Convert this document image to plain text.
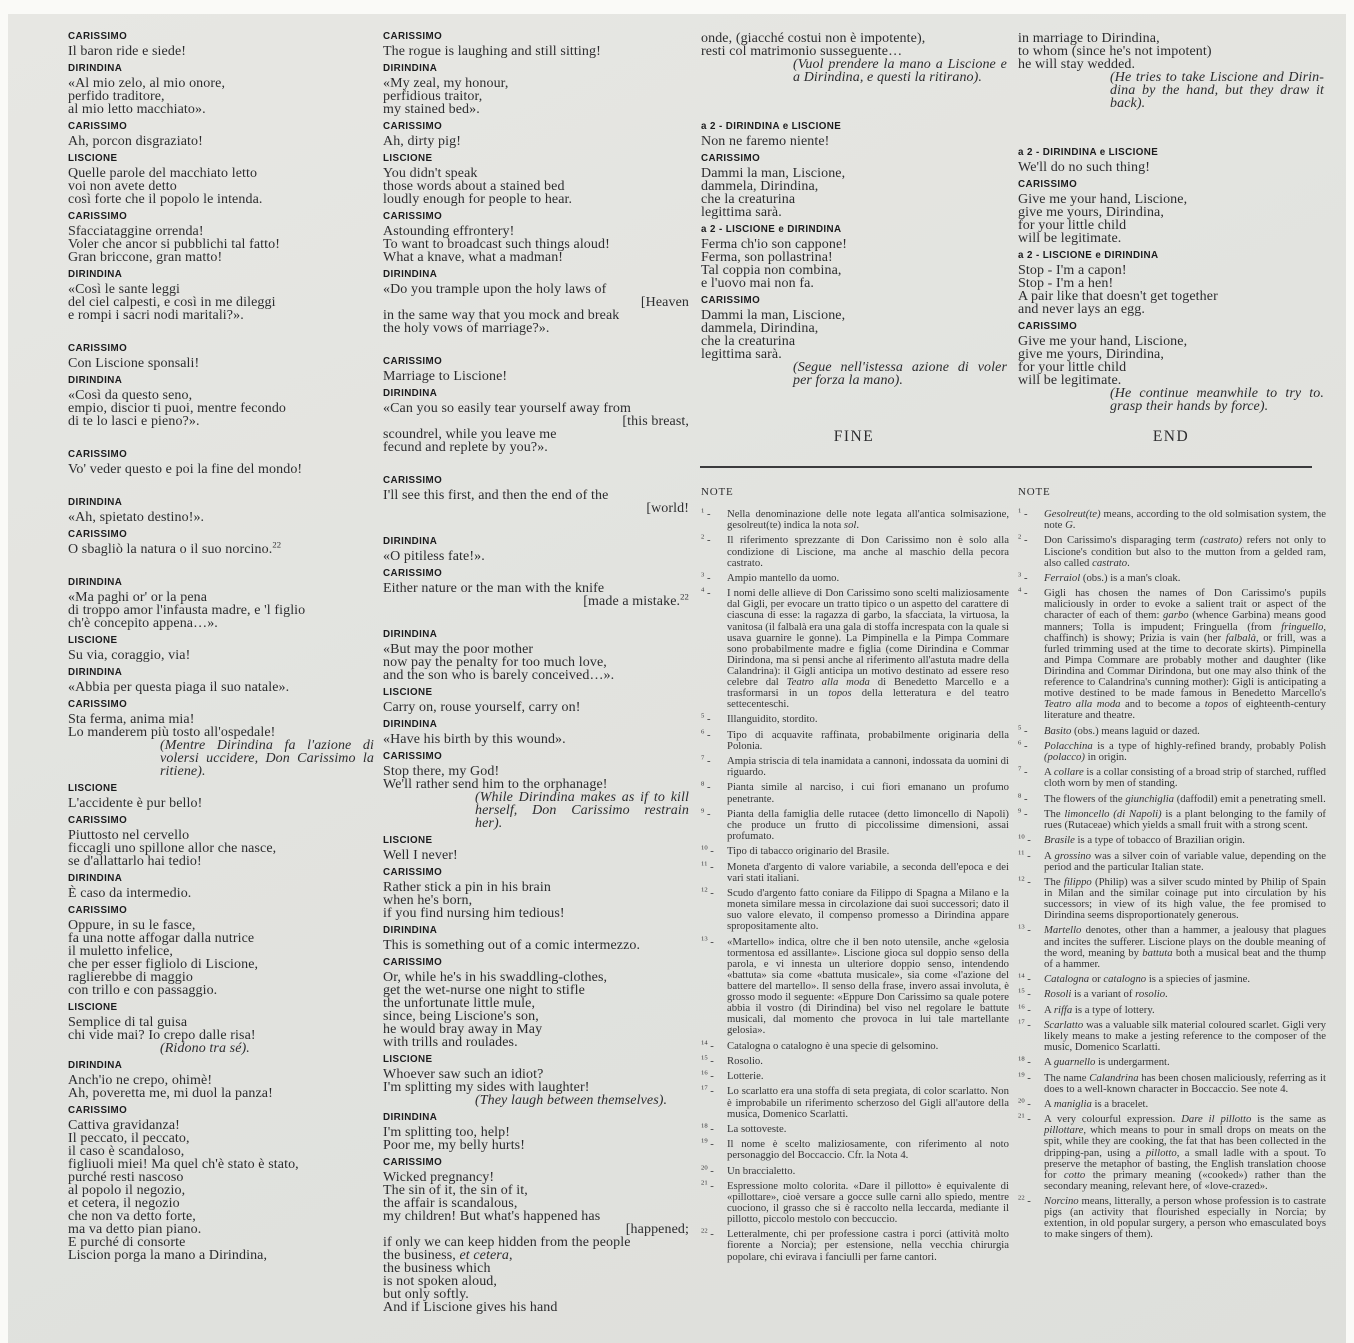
CARISSIMO
Il baron ride e siede!
DIRINDINA
«Al mio zelo, al mio onore,
perfido traditore,
al mio letto macchiato».
CARISSIMO
Ah, porcon disgraziato!
LISCIONE
Quelle parole del macchiato letto
voi non avete detto
così forte che il popolo le intenda.
CARISSIMO
Sfacciataggine orrenda!
Voler che ancor si pubblichi tal fatto!
Gran briccone, gran matto!
DIRINDINA
«Così le sante leggi
del ciel calpesti, e così in me dileggi
e rompi i sacri nodi maritali?».
CARISSIMO
Con Liscione sponsali!
DIRINDINA
«Così da questo seno,
empio, discior ti puoi, mentre fecondo
di te lo lasci e pieno?».
CARISSIMO
Vo' veder questo e poi la fine del mondo!
DIRINDINA
«Ah, spietato destino!».
CARISSIMO
O sbagliò la natura o il suo norcino.$^{22}$
DIRINDINA
«Ma paghi or' or la pena
di troppo amor l'infausta madre, e 'l figlio
ch'è concepito appena…».
LISCIONE
Su via, coraggio, via!
DIRINDINA
«Abbia per questa piaga il suo natale».
CARISSIMO
Sta ferma, anima mia!
Lo manderem più tosto all'ospedale!
(Mentre Dirindina fa l'azione di
volersi uccidere, Don Carissimo la
ritiene).
LISCIONE
L'accidente è pur bello!
CARISSIMO
Piuttosto nel cervello
ficcagli uno spillone allor che nasce,
se d'allattarlo hai tedio!
DIRINDINA
È caso da intermedio.
CARISSIMO
Oppure, in su le fasce,
fa una notte affogar dalla nutrice
il muletto infelice,
che per esser figliolo di Liscione,
raglierebbe di maggio
con trillo e con passaggio.
LISCIONE
Semplice di tal guisa
chi vide mai? Io crepo dalle risa!
(Ridono tra sé).
DIRINDINA
Anch'io ne crepo, ohimè!
Ah, poveretta me, mi duol la panza!
CARISSIMO
Cattiva gravidanza!
Il peccato, il peccato,
il caso è scandaloso,
figliuoli miei! Ma quel ch'è stato è stato,
purché resti nascoso
al popolo il negozio,
et cetera, il negozio
che non va detto forte,
ma va detto pian piano.
E purché di consorte
Liscion porga la mano a Dirindina,
CARISSIMO
The rogue is laughing and still sitting!
DIRINDINA
«My zeal, my honour,
perfidious traitor,
my stained bed».
CARISSIMO
Ah, dirty pig!
LISCIONE
You didn't speak
those words about a stained bed
loudly enough for people to hear.
CARISSIMO
Astounding effrontery!
To want to broadcast such things aloud!
What a knave, what a madman!
DIRINDINA
«Do you trample upon the holy laws of
[Heaven
in the same way that you mock and break
the holy vows of marriage?».
CARISSIMO
Marriage to Liscione!
DIRINDINA
«Can you so easily tear yourself away from
[this breast,
scoundrel, while you leave me
fecund and replete by you?».
CARISSIMO
I'll see this first, and then the end of the
[world!
DIRINDINA
«O pitiless fate!».
CARISSIMO
Either nature or the man with the knife
[made a mistake.$^{22}$
DIRINDINA
«But may the poor mother
now pay the penalty for too much love,
and the son who is barely conceived…».
LISCIONE
Carry on, rouse yourself, carry on!
DIRINDINA
«Have his birth by this wound».
CARISSIMO
Stop there, my God!
We'll rather send him to the orphanage!
(While Dirindina makes as if to kill
herself, Don Carissimo restrain
her).
LISCIONE
Well I never!
CARISSIMO
Rather stick a pin in his brain
when he's born,
if you find nursing him tedious!
DIRINDINA
This is something out of a comic intermezzo.
CARISSIMO
Or, while he's in his swaddling-clothes,
get the wet-nurse one night to stifle
the unfortunate little mule,
since, being Liscione's son,
he would bray away in May
with trills and roulades.
LISCIONE
Whoever saw such an idiot?
I'm splitting my sides with laughter!
(They laugh between themselves).
DIRINDINA
I'm splitting too, help!
Poor me, my belly hurts!
CARISSIMO
Wicked pregnancy!
The sin of it, the sin of it,
the affair is scandalous,
my children! But what's happened has
[happened;
if only we can keep hidden from the people
the business, et cetera,
the business which
is not spoken aloud,
but only softly.
And if Liscione gives his hand
onde, (giacché costui non è impotente),
resti col matrimonio susseguente…
(Vuol prendere la mano a Liscione e
a Dirindina, e questi la ritirano).
a 2 - DIRINDINA e LISCIONE
Non ne faremo niente!
CARISSIMO
Dammi la man, Liscione,
dammela, Dirindina,
che la creaturina
legittima sarà.
a 2 - LISCIONE e DIRINDINA
Ferma ch'io son cappone!
Ferma, son pollastrina!
Tal coppia non combina,
e l'uovo mai non fa.
CARISSIMO
Dammi la man, Liscione,
dammela, Dirindina,
che la creaturina
legittima sarà.
(Segue nell'istessa azione di voler
per forza la mano).
in marriage to Dirindina,
to whom (since he's not impotent)
he will stay wedded.
(He tries to take Liscione and Dirin-
dina by the hand, but they draw it
back).
a 2 - DIRINDINA e LISCIONE
We'll do no such thing!
CARISSIMO
Give me your hand, Liscione,
give me yours, Dirindina,
for your little child
will be legitimate.
a 2 - LISCIONE e DIRINDINA
Stop - I'm a capon!
Stop - I'm a hen!
A pair like that doesn't get together
and never lays an egg.
CARISSIMO
Give me your hand, Liscione,
give me yours, Dirindina,
for your little child
will be legitimate.
(He continue meanwhile to try to.
grasp their hands by force).
FINE	END
NOTE
$^1$ - Nella denominazione delle note legata all'antica solmisazione, gesolreut(te) indica la nota sol.
$^2$ - Il riferimento sprezzante di Don Carissimo non è solo alla condizione di Liscione, ma anche al maschio della pecora castrato.
$^3$ - Ampio mantello da uomo.
$^4$ - I nomi delle allieve di Don Carissimo sono scelti maliziosamente dal Gigli, per evocare un tratto tipico o un aspetto del carattere di ciascuna di esse: la ragazza di garbo, la sfacciata, la virtuosa, la vanitosa (il falbalà era una gala di stoffa increspata con la quale si usava guarnire le gonne). La Pimpinella e la Pimpa Commare sono probabilmente madre e figlia (come Dirindina e Commar Dirindona, ma si pensi anche al riferimento all'astuta madre della Calandrina): il Gigli anticipa un motivo destinato ad essere reso celebre dal Teatro alla moda di Benedetto Marcello e a trasformarsi in un topos della letteratura e del teatro settecenteschi.
$^5$ - Illanguidito, stordito.
$^6$ - Tipo di acquavite raffinata, probabilmente originaria della Polonia.
$^7$ - Ampia striscia di tela inamidata a cannoni, indossata da uomini di riguardo.
$^8$ - Pianta simile al narciso, i cui fiori emanano un profumo penetrante.
$^9$ - Pianta della famiglia delle rutacee (detto limoncello di Napoli) che produce un frutto di piccolissime dimensioni, assai profumato.
$^{10}$ - Tipo di tabacco originario del Brasile.
$^{11}$ - Moneta d'argento di valore variabile, a seconda dell'epoca e dei vari stati italiani.
$^{12}$ - Scudo d'argento fatto coniare da Filippo di Spagna a Milano e la moneta similare messa in circolazione dai suoi successori; dato il suo valore elevato, il compenso promesso a Dirindina appare spropositamente alto.
$^{13}$ - «Martello» indica, oltre che il ben noto utensile, anche «gelosia tormentosa ed assillante». Liscione gioca sul doppio senso della parola, e vi innesta un ulteriore doppio senso, intendendo «battuta» sia come «battuta musicale», sia come «l'azione del battere del martello». Il senso della frase, invero assai involuta, è grosso modo il seguente: «Eppure Don Carissimo sa quale potere abbia il vostro (di Dirindina) bel viso nel regolare le battute musicali, dal momento che provoca in lui tale martellante gelosia».
$^{14}$ - Catalogna o catalogno è una specie di gelsomino.
$^{15}$ - Rosolio.
$^{16}$ - Lotterie.
$^{17}$ - Lo scarlatto era una stoffa di seta pregiata, di color scarlatto. Non è improbabile un riferimento scherzoso del Gigli all'autore della musica, Domenico Scarlatti.
$^{18}$ - La sottoveste.
$^{19}$ - Il nome è scelto maliziosamente, con riferimento al noto personaggio del Boccaccio. Cfr. la Nota 4.
$^{20}$ - Un braccialetto.
$^{21}$ - Espressione molto colorita. «Dare il pillotto» è equivalente di «pillottare», cioè versare a gocce sulle carni allo spiedo, mentre cuociono, il grasso che si è raccolto nella leccarda, mediante il pillotto, piccolo mestolo con beccuccio.
$^{22}$ - Letteralmente, chi per professione castra i porci (attività molto fiorente a Norcia); per estensione, nella vecchia chirurgia popolare, chi evirava i fanciulli per farne cantori.
NOTE
$^1$ - Gesolreut(te) means, according to the old solmisation system, the note G.
$^2$ - Don Carissimo's disparaging term (castrato) refers not only to Liscione's condition but also to the mutton from a gelded ram, also called castrato.
$^3$ - Ferraiol (obs.) is a man's cloak.
$^4$ - Gigli has chosen the names of Don Carissimo's pupils maliciously in order to evoke a salient trait or aspect of the character of each of them: garbo (whence Garbina) means good manners; Tolla is impudent; Fringuella (from fringuello, chaffinch) is showy; Prizia is vain (her falbalà, or frill, was a furled trimming used at the time to decorate skirts). Pimpinella and Pimpa Commare are probably mother and daughter (like Dirindina and Commar Dirindona, but one may also think of the reference to Calandrina's cunning mother): Gigli is anticipating a motive destined to be made famous in Benedetto Marcello's Teatro alla moda and to become a topos of eighteenth-century literature and theatre.
$^5$ - Basito (obs.) means laguid or dazed.
$^6$ - Polacchina is a type of highly-refined brandy, probably Polish (polacco) in origin.
$^7$ - A collare is a collar consisting of a broad strip of starched, ruffled cloth worn by men of standing.
$^8$ - The flowers of the giunchiglia (daffodil) emit a penetrating smell.
$^9$ - The limoncello (di Napoli) is a plant belonging to the family of rues (Rutaceae) which yields a small fruit with a strong scent.
$^{10}$ - Brasile is a type of tobacco of Brazilian origin.
$^{11}$ - A grossino was a silver coin of variable value, depending on the period and the particular Italian state.
$^{12}$ - The filippo (Philip) was a silver scudo minted by Philip of Spain in Milan and the similar coinage put into circulation by his successors; in view of its high value, the fee promised to Dirindina seems disproportionately generous.
$^{13}$ - Martello denotes, other than a hammer, a jealousy that plagues and incites the sufferer. Liscione plays on the double meaning of the word, meaning by battuta both a musical beat and the thump of a hammer.
$^{14}$ - Catalogna or catalogno is a spiecies of jasmine.
$^{15}$ - Rosoli is a variant of rosolio.
$^{16}$ - A riffa is a type of lottery.
$^{17}$ - Scarlatto was a valuable silk material coloured scarlet. Gigli very likely means to make a jesting reference to the composer of the music, Domenico Scarlatti.
$^{18}$ - A guarnello is undergarment.
$^{19}$ - The name Calandrina has been chosen maliciously, referring as it does to a well-known character in Boccaccio. See note 4.
$^{20}$ - A maniglia is a bracelet.
$^{21}$ - A very colourful expression. Dare il pillotto is the same as pillottare, which means to pour in small drops on meats on the spit, while they are cooking, the fat that has been collected in the dripping-pan, using a pillotto, a small ladle with a spout. To preserve the metaphor of basting, the English translation choose for cotto the primary meaning («cooked») rather than the secondary meaning, relevant here, of «love-crazed».
$^{22}$ - Norcino means, litterally, a person whose profession is to castrate pigs (an activity that flourished especially in Norcia; by extention, in old popular surgery, a person who emasculated boys to make singers of them).
